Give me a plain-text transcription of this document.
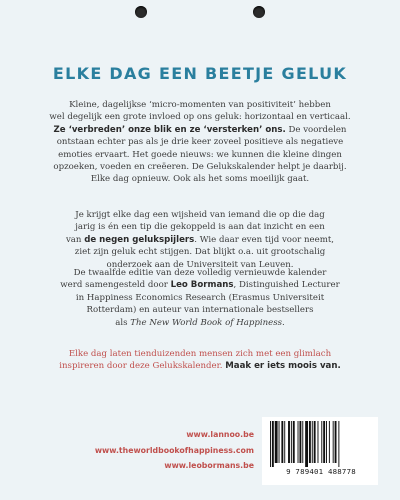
ELKE DAG EEN BEETJE GELUK
Kleine, dagelijkse ‘micro-momenten van positiviteit’ hebben
wel degelijk een grote invloed op ons geluk: horizontaal en verticaal.
Ze ‘verbreden’ onze blik en ze ‘versterken’ ons. De voordelen
ontstaan echter pas als je drie keer zoveel positieve als negatieve
emoties ervaart. Het goede nieuws: we kunnen die kleine dingen
opzoeken, voeden en creëeren. De Gelukskalender helpt je daarbij.
Elke dag opnieuw. Ook als het soms moeilijk gaat.
Je krijgt elke dag een wijsheid van iemand die op die dag
jarig is én een tip die gekoppeld is aan dat inzicht en een
van de negen gelukspijlers. Wie daar even tijd voor neemt,
ziet zijn geluk echt stijgen. Dat blijkt o.a. uit grootschalig
onderzoek aan de Universiteit van Leuven.
De twaalfde editie van deze volledig vernieuwde kalender
werd samengesteld door Leo Bormans, Distinguished Lecturer
in Happiness Economics Research (Erasmus Universiteit
Rotterdam) en auteur van internationale bestsellers
als The New World Book of Happiness.
Elke dag laten tienduizenden mensen zich met een glimlach
inspireren door deze Gelukskalender. Maak er iets moois van.
www.lannoo.be
www.theworldbookofhappiness.com
www.leobormans.be
9 789401 488778
